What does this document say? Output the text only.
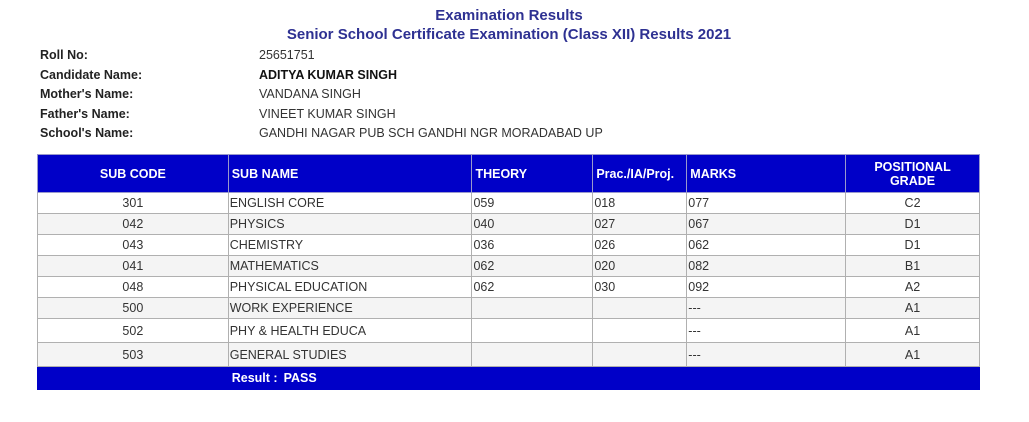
Examination Results
Senior School Certificate Examination (Class XII) Results 2021
Roll No:	25651751
Candidate Name:	ADITYA KUMAR SINGH
Mother's Name:	VANDANA SINGH
Father's Name:	VINEET KUMAR SINGH
School's Name:	GANDHI NAGAR PUB SCH GANDHI NGR MORADABAD UP
SUB CODE	SUB NAME	THEORY	Prac./IA/Proj.	MARKS	POSITIONAL
GRADE
301	ENGLISH CORE	059	018	077	C2
042	PHYSICS	040	027	067	D1
043	CHEMISTRY	036	026	062	D1
041	MATHEMATICS	062	020	082	B1
048	PHYSICAL EDUCATION	062	030	092	A2
500	WORK EXPERIENCE			---	A1
502	PHY & HEALTH EDUCA			---	A1
503	GENERAL STUDIES			---	A1
	Result : PASS				
